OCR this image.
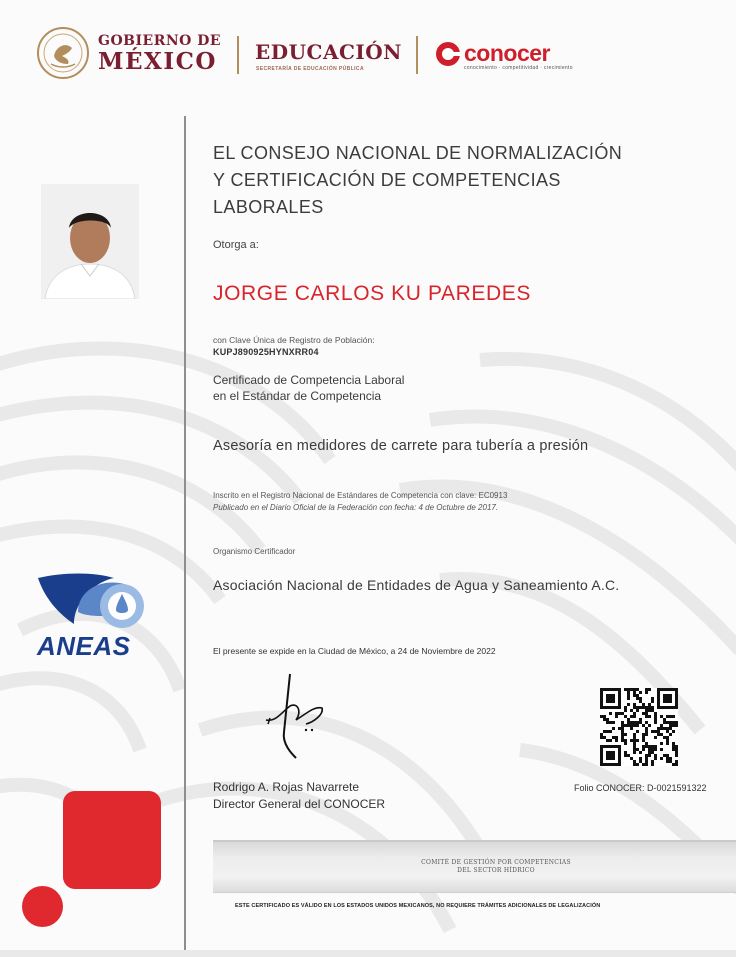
GOBIERNO DE
MÉXICO EDUCACIÓN
SECRETARÍA DE EDUCACIÓN PÚBLICA
conocer
conocimiento · competitividad · crecimiento
ANEAS
EL CONSEJO NACIONAL DE NORMALIZACIÓN Y CERTIFICACIÓN DE COMPETENCIAS LABORALES
Otorga a:
JORGE CARLOS KU PAREDES
con Clave Única de Registro de Población:
KUPJ890925HYNXRR04
Certificado de Competencia Laboral
en el Estándar de Competencia
Asesoría en medidores de carrete para tubería a presión
Inscrito en el Registro Nacional de Estándares de Competencia con clave: EC0913
Publicado en el Diario Oficial de la Federación con fecha: 4 de Octubre de 2017.
Organismo Certificador
Asociación Nacional de Entidades de Agua y Saneamiento A.C.
El presente se expide en la Ciudad de México, a 24 de Noviembre de 2022
Rodrigo A. Rojas Navarrete
Director General del CONOCER
Folio CONOCER: D-0021591322
COMITÉ DE GESTIÓN POR COMPETENCIAS
DEL SECTOR HÍDRICO
ESTE CERTIFICADO ES VÁLIDO EN LOS ESTADOS UNIDOS MEXICANOS, NO REQUIERE TRÁMITES ADICIONALES DE LEGALIZACIÓN
